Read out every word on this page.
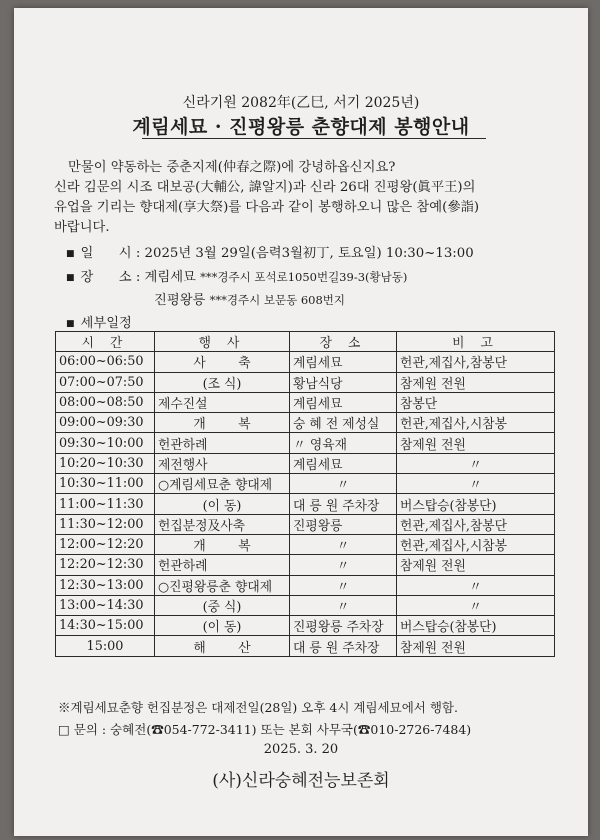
신라기원 2082年(乙巳, 서기 2025년)
계림세묘 · 진평왕릉 춘향대제 봉행안내
만물이 약동하는 중춘지제(仲春之際)에 강녕하옵신지요?
신라 김문의 시조 대보공(大輔公, 諱알지)과 신라 26대 진평왕(眞平王)의
유업을 기리는 향대제(享大祭)를 다음과 같이 봉행하오니 많은 참예(參詣)
바랍니다.
■ 일      시 : 2025년 3월 29일(음력3월初丁, 토요일) 10:30~13:00
■ 장      소 : 계림세묘 ***경주시 포석로1050번길39-3(황남동)
진평왕릉 ***경주시 보문동 608번지
■ 세부일정
시 간	행 사	장 소	비 고
06:00~06:50	사        축	계림세묘	헌관,제집사,참봉단
07:00~07:50	(조 식)	황남식당	참제원 전원
08:00~08:50	제수진설	계림세묘	참봉단
09:00~09:30	개        복	숭 혜 전 제성실	헌관,제집사,시참봉
09:30~10:00	헌관하례	〃 영육재	참제원 전원
10:20~10:30	제전행사	계림세묘	〃
10:30~11:00	○계림세묘춘 향대제	〃	〃
11:00~11:30	(이 동)	대 릉 원 주차장	버스탑승(참봉단)
11:30~12:00	헌집분정及사축	진평왕릉	헌관,제집사,참봉단
12:00~12:20	개        복	〃	헌관,제집사,시참봉
12:20~12:30	헌관하례	〃	참제원 전원
12:30~13:00	○진평왕릉춘 향대제	〃	〃
13:00~14:30	(중 식)	〃	〃
14:30~15:00	(이 동)	진평왕릉 주차장	버스탑승(참봉단)
15:00	해        산	대 릉 원 주차장	참제원 전원
※계림세묘춘향 헌집분정은 대제전일(28일) 오후 4시 계림세묘에서 행함.
□ 문의 : 숭혜전(☎054-772-3411) 또는 본회 사무국(☎010-2726-7484)
2025. 3. 20
(사)신라숭혜전능보존회
